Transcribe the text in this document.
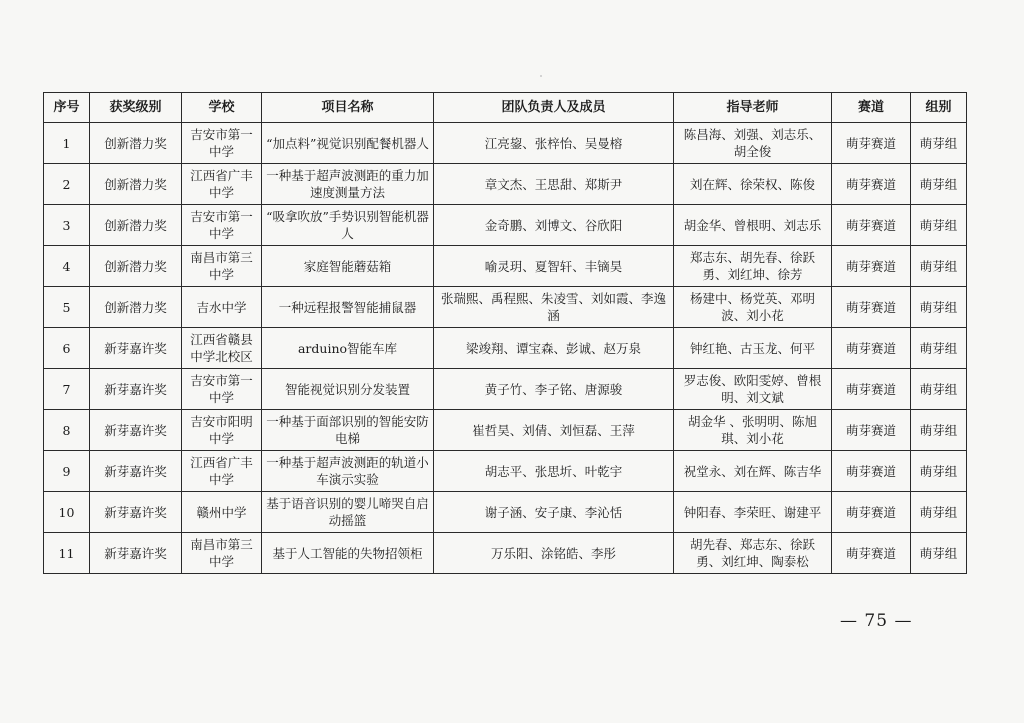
序号	获奖级别	学校	项目名称	团队负责人及成员	指导老师	赛道	组别
1	创新潜力奖	吉安市第一中学	“加点料”视觉识别配餐机器人	江亮鋆、张梓怡、吴曼榕	陈昌海、刘强、刘志乐、胡全俊	萌芽赛道	萌芽组
2	创新潜力奖	江西省广丰中学	一种基于超声波测距的重力加速度测量方法	章文杰、王思甜、郑斯尹	刘在辉、徐荣权、陈俊	萌芽赛道	萌芽组
3	创新潜力奖	吉安市第一中学	“吸拿吹放”手势识别智能机器人	金奇鹏、刘博文、谷欣阳	胡金华、曾根明、刘志乐	萌芽赛道	萌芽组
4	创新潜力奖	南昌市第三中学	家庭智能蘑菇箱	喻灵玥、夏智轩、丰镝昊	郑志东、胡先春、徐跃勇、刘红坤、徐芳	萌芽赛道	萌芽组
5	创新潜力奖	吉水中学	一种远程报警智能捕鼠器	张瑞熙、禹程熙、朱凌雪、刘如霞、李逸涵	杨建中、杨党英、邓明波、刘小花	萌芽赛道	萌芽组
6	新芽嘉许奖	江西省赣县中学北校区	arduino智能车库	梁竣翔、谭宝森、彭诚、赵万泉	钟红艳、古玉龙、何平	萌芽赛道	萌芽组
7	新芽嘉许奖	吉安市第一中学	智能视觉识别分发装置	黄子竹、李子铭、唐源骏	罗志俊、欧阳雯婷、曾根明、刘文斌	萌芽赛道	萌芽组
8	新芽嘉许奖	吉安市阳明中学	一种基于面部识别的智能安防电梯	崔哲昊、刘倩、刘恒磊、王萍	胡金华 、张明明、陈旭琪、刘小花	萌芽赛道	萌芽组
9	新芽嘉许奖	江西省广丰中学	一种基于超声波测距的轨道小车演示实验	胡志平、张思圻、叶乾宇	祝堂永、刘在辉、陈吉华	萌芽赛道	萌芽组
10	新芽嘉许奖	赣州中学	基于语音识别的婴儿啼哭自启动摇篮	谢子涵、安子康、李沁恬	钟阳春、李荣旺、谢建平	萌芽赛道	萌芽组
11	新芽嘉许奖	南昌市第三中学	基于人工智能的失物招领柜	万乐阳、涂铭皓、李彤	胡先春、郑志东、徐跃勇、刘红坤、陶泰松	萌芽赛道	萌芽组
— 75 —
